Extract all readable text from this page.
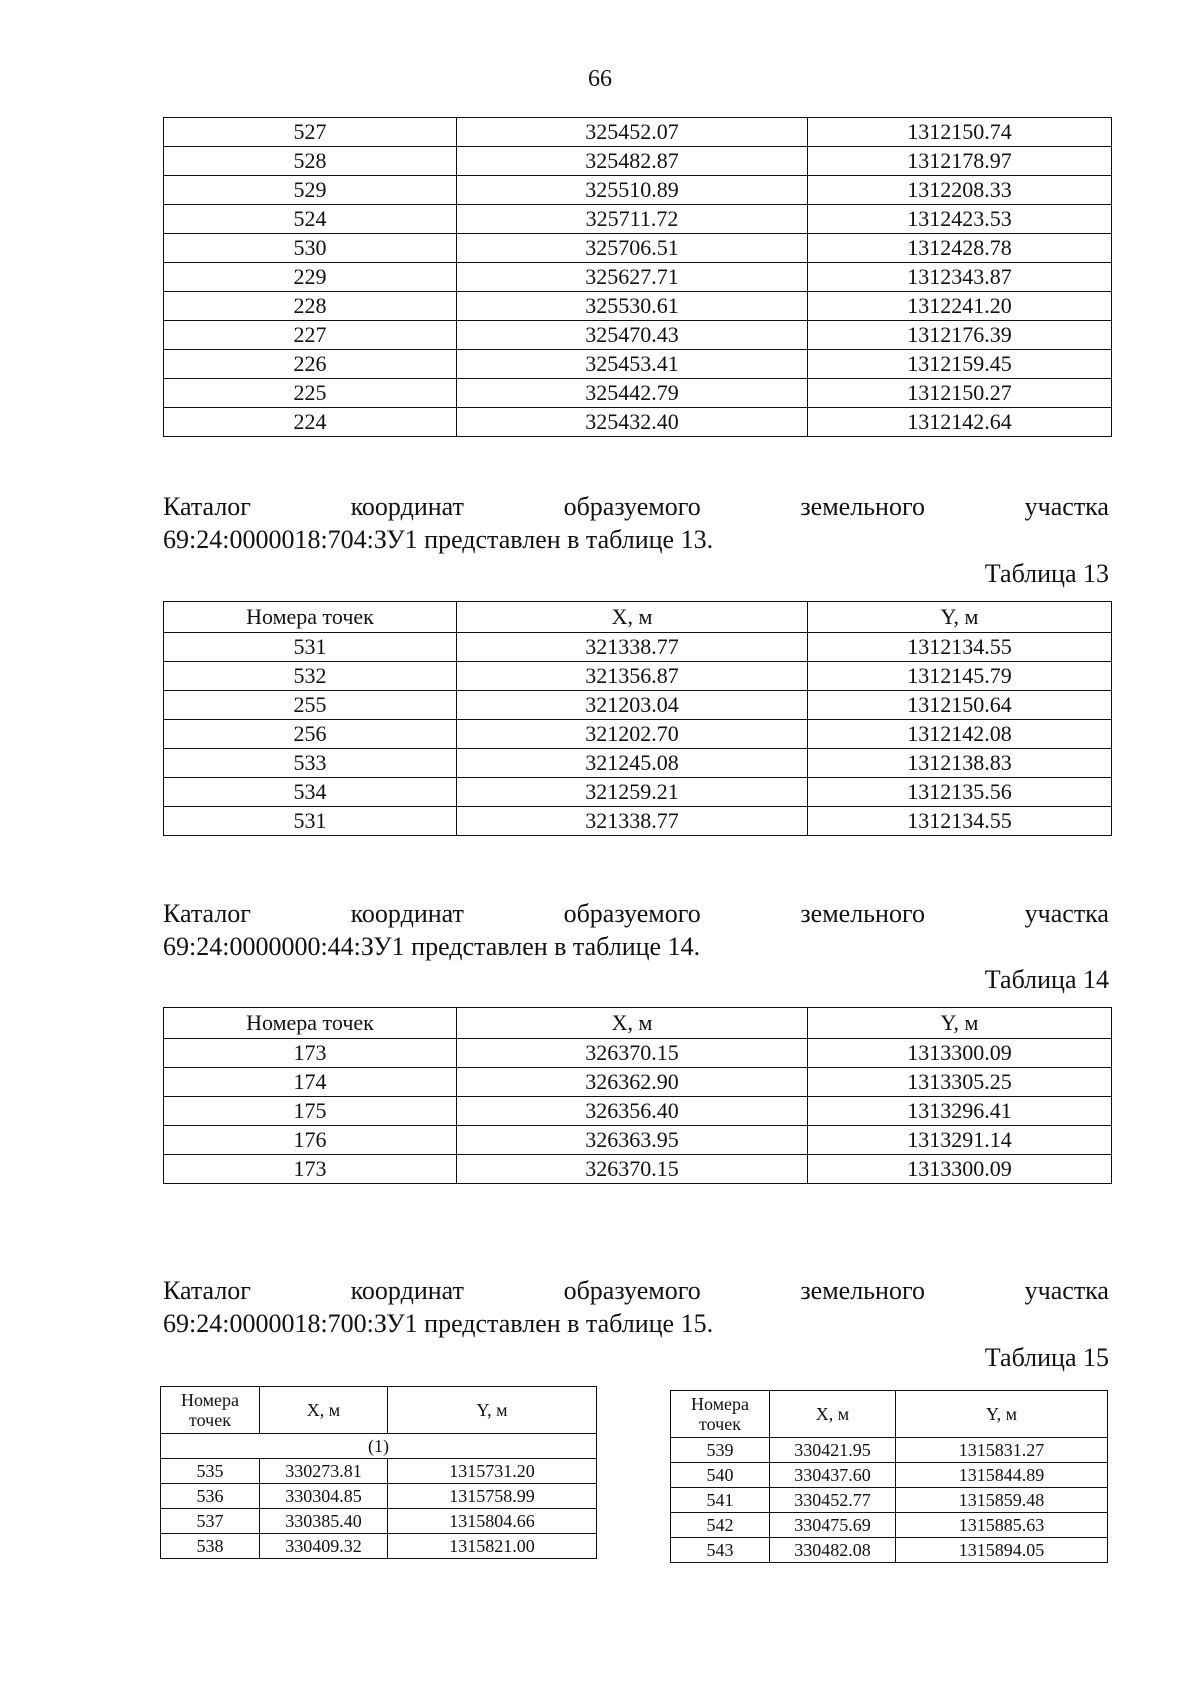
66
527	325452.07	1312150.74
528	325482.87	1312178.97
529	325510.89	1312208.33
524	325711.72	1312423.53
530	325706.51	1312428.78
229	325627.71	1312343.87
228	325530.61	1312241.20
227	325470.43	1312176.39
226	325453.41	1312159.45
225	325442.79	1312150.27
224	325432.40	1312142.64
Каталог	координат	образуемого	земельного	участка
69:24:0000018:704:ЗУ1 представлен в таблице 13.
Таблица 13
Номера точек	X, м	Y, м
531	321338.77	1312134.55
532	321356.87	1312145.79
255	321203.04	1312150.64
256	321202.70	1312142.08
533	321245.08	1312138.83
534	321259.21	1312135.56
531	321338.77	1312134.55
Каталог	координат	образуемого	земельного	участка
69:24:0000000:44:ЗУ1 представлен в таблице 14.
Таблица 14
Номера точек	X, м	Y, м
173	326370.15	1313300.09
174	326362.90	1313305.25
175	326356.40	1313296.41
176	326363.95	1313291.14
173	326370.15	1313300.09
Каталог	координат	образуемого	земельного	участка
69:24:0000018:700:ЗУ1 представлен в таблице 15.
Таблица 15
Номера точек	X, м	Y, м
(1)		
535	330273.81	1315731.20
536	330304.85	1315758.99
537	330385.40	1315804.66
538	330409.32	1315821.00
Номера точек	X, м	Y, м
539	330421.95	1315831.27
540	330437.60	1315844.89
541	330452.77	1315859.48
542	330475.69	1315885.63
543	330482.08	1315894.05
